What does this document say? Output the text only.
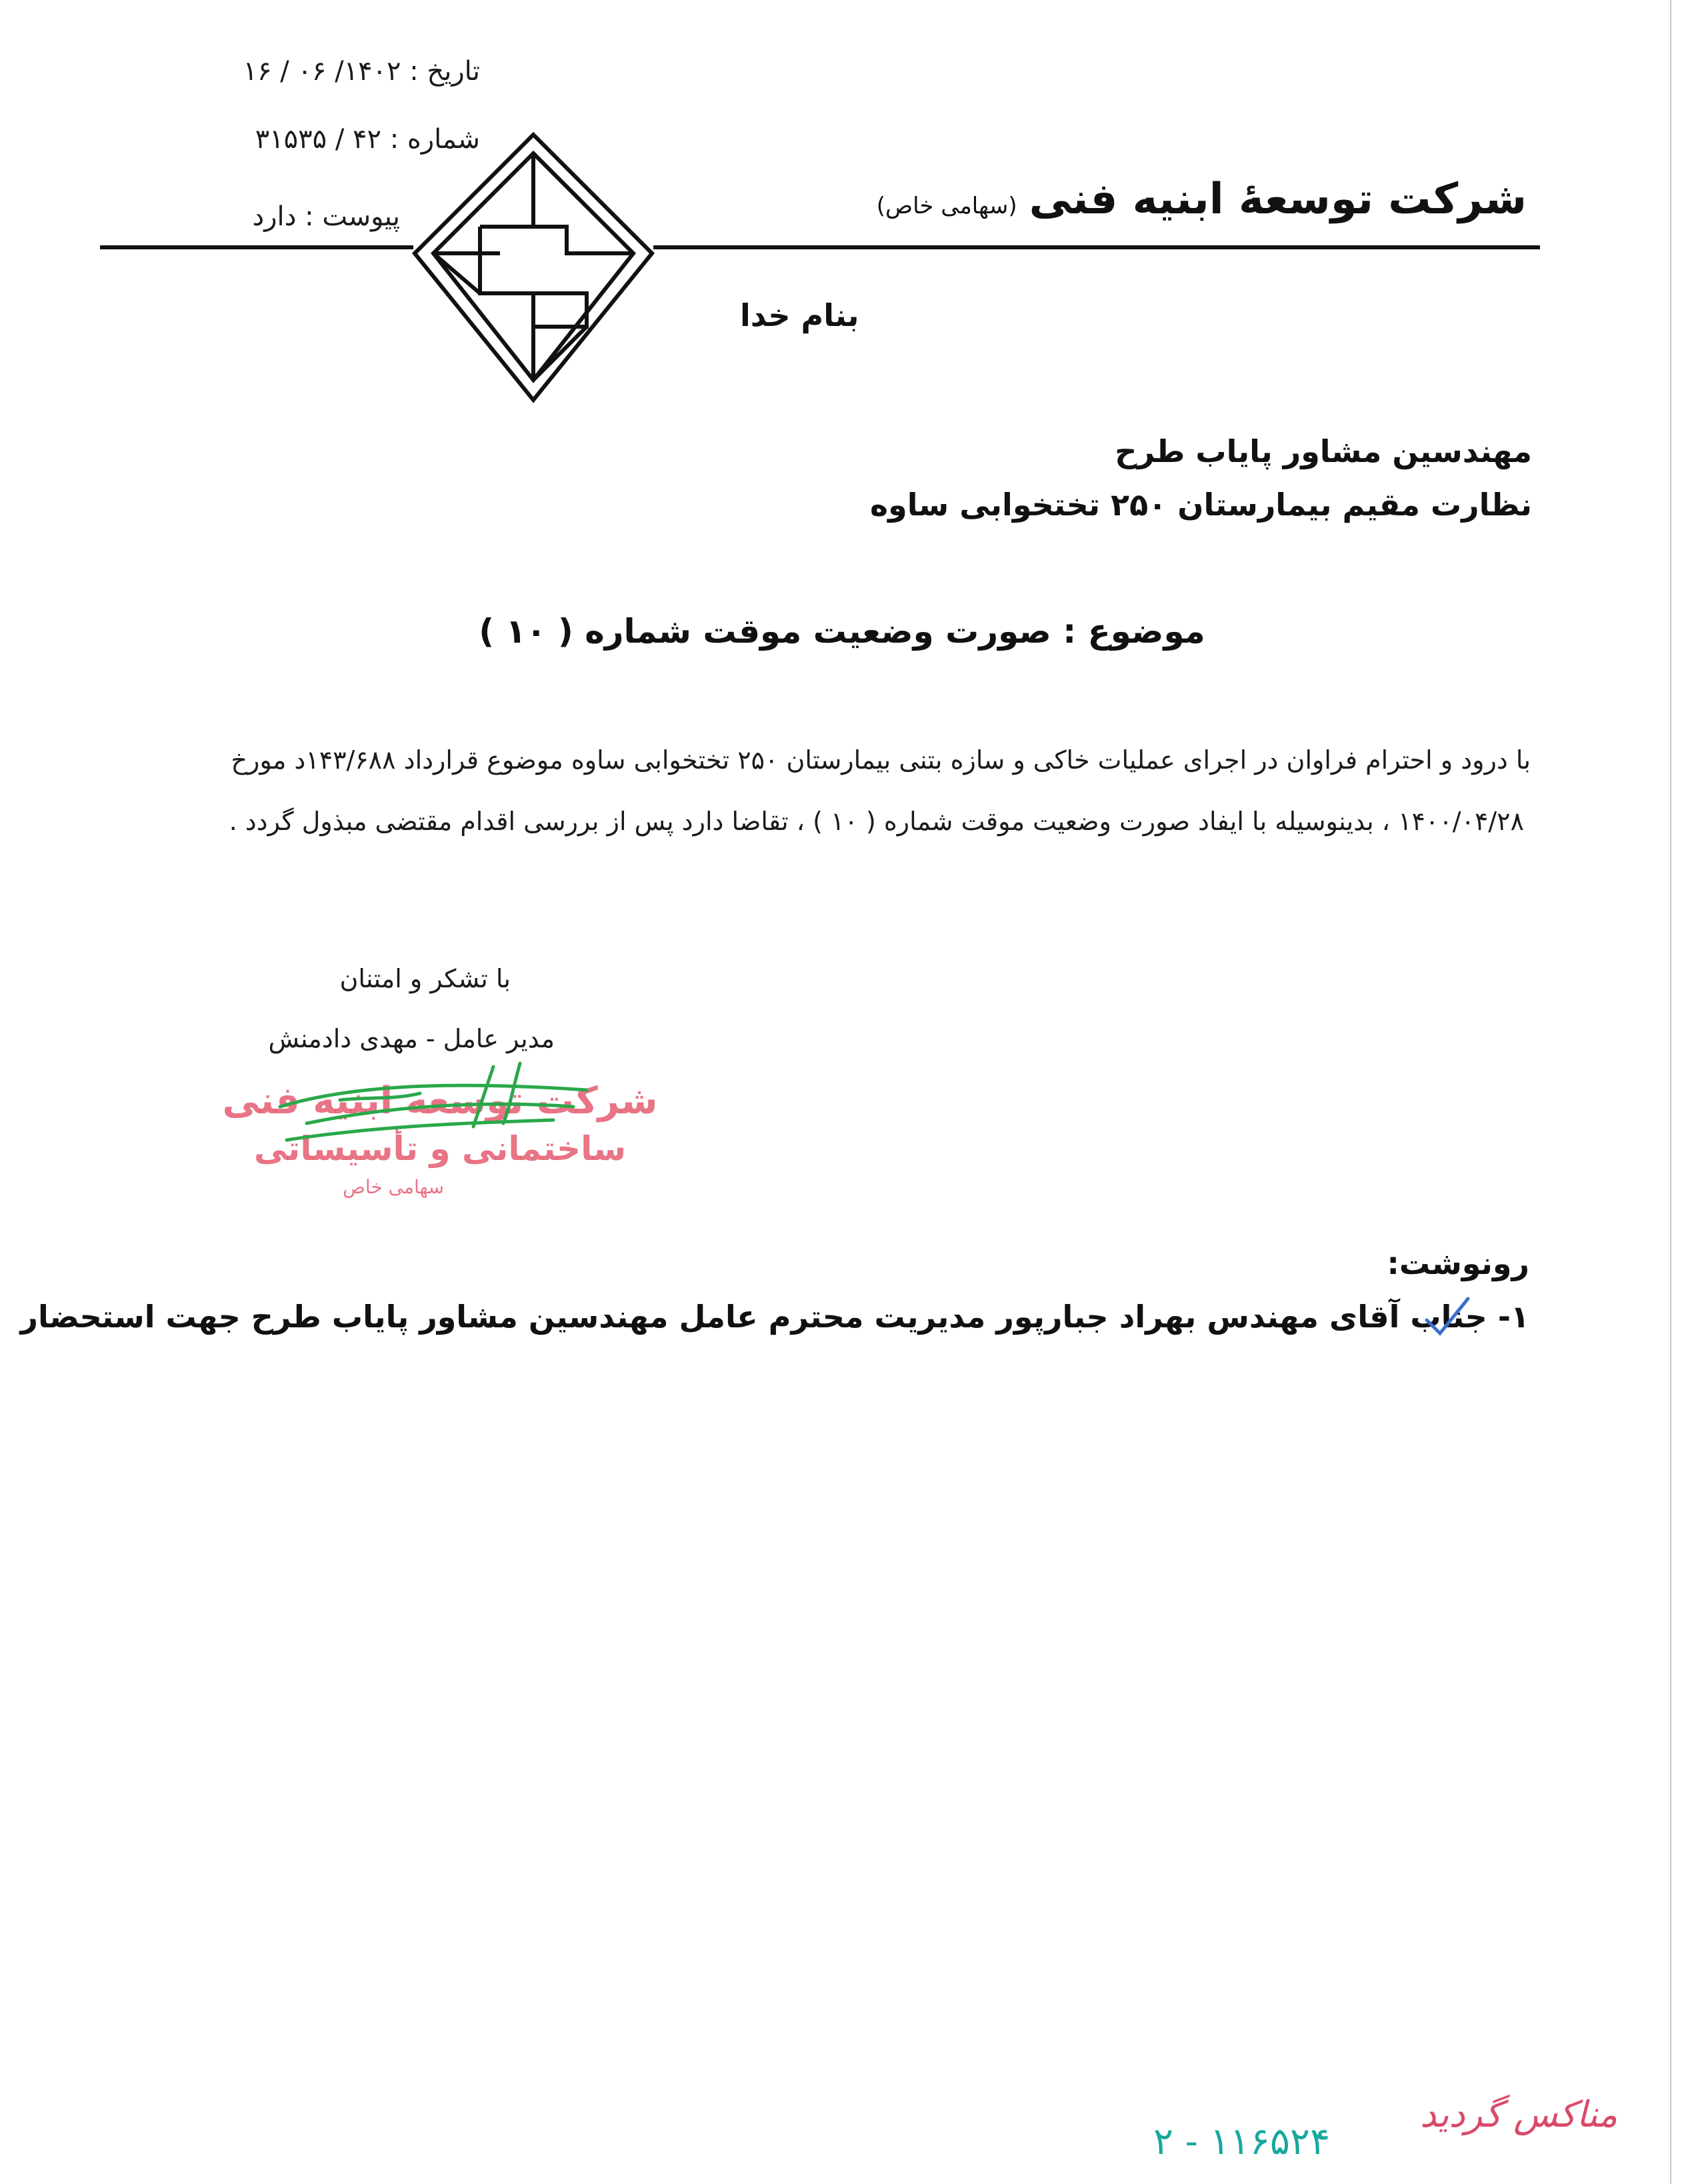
تاریخ : ۱۴۰۲/ ۰۶ / ۱۶
شماره : ۴۲ / ۳۱۵۳۵
پیوست : دارد	شرکت توسعهٔ ابنیه فنی(سهامی خاص)
بنام خدا
مهندسین مشاور پایاب طرح
نظارت مقیم بیمارستان ۲۵۰ تختخوابی ساوه
موضوع : صورت وضعیت موقت شماره ( ۱۰ )
با درود و احترام فراوان در اجرای عملیات خاکی و سازه بتنی بیمارستان ۲۵۰ تختخوابی ساوه موضوع قرارداد ۱۴۳/۶۸۸د مورخ
۱۴۰۰/۰۴/۲۸ ، بدینوسیله با ایفاد صورت وضعیت موقت شماره ( ۱۰ ) ، تقاضا دارد پس از بررسی اقدام مقتضی مبذول گردد .
با تشکر و امتنان
مدیر عامل - مهدی دادمنش
شرکت توسعه ابنیه فنی
ساختمانی و تأسیساتی
سهامی خاص
رونوشت:
۱- جناب آقای مهندس بهراد جبارپور مدیریت محترم عامل مهندسین مشاور پایاب طرح جهت استحضار
۲ - ۱۱۶۵۲۴
مناکس گردید
